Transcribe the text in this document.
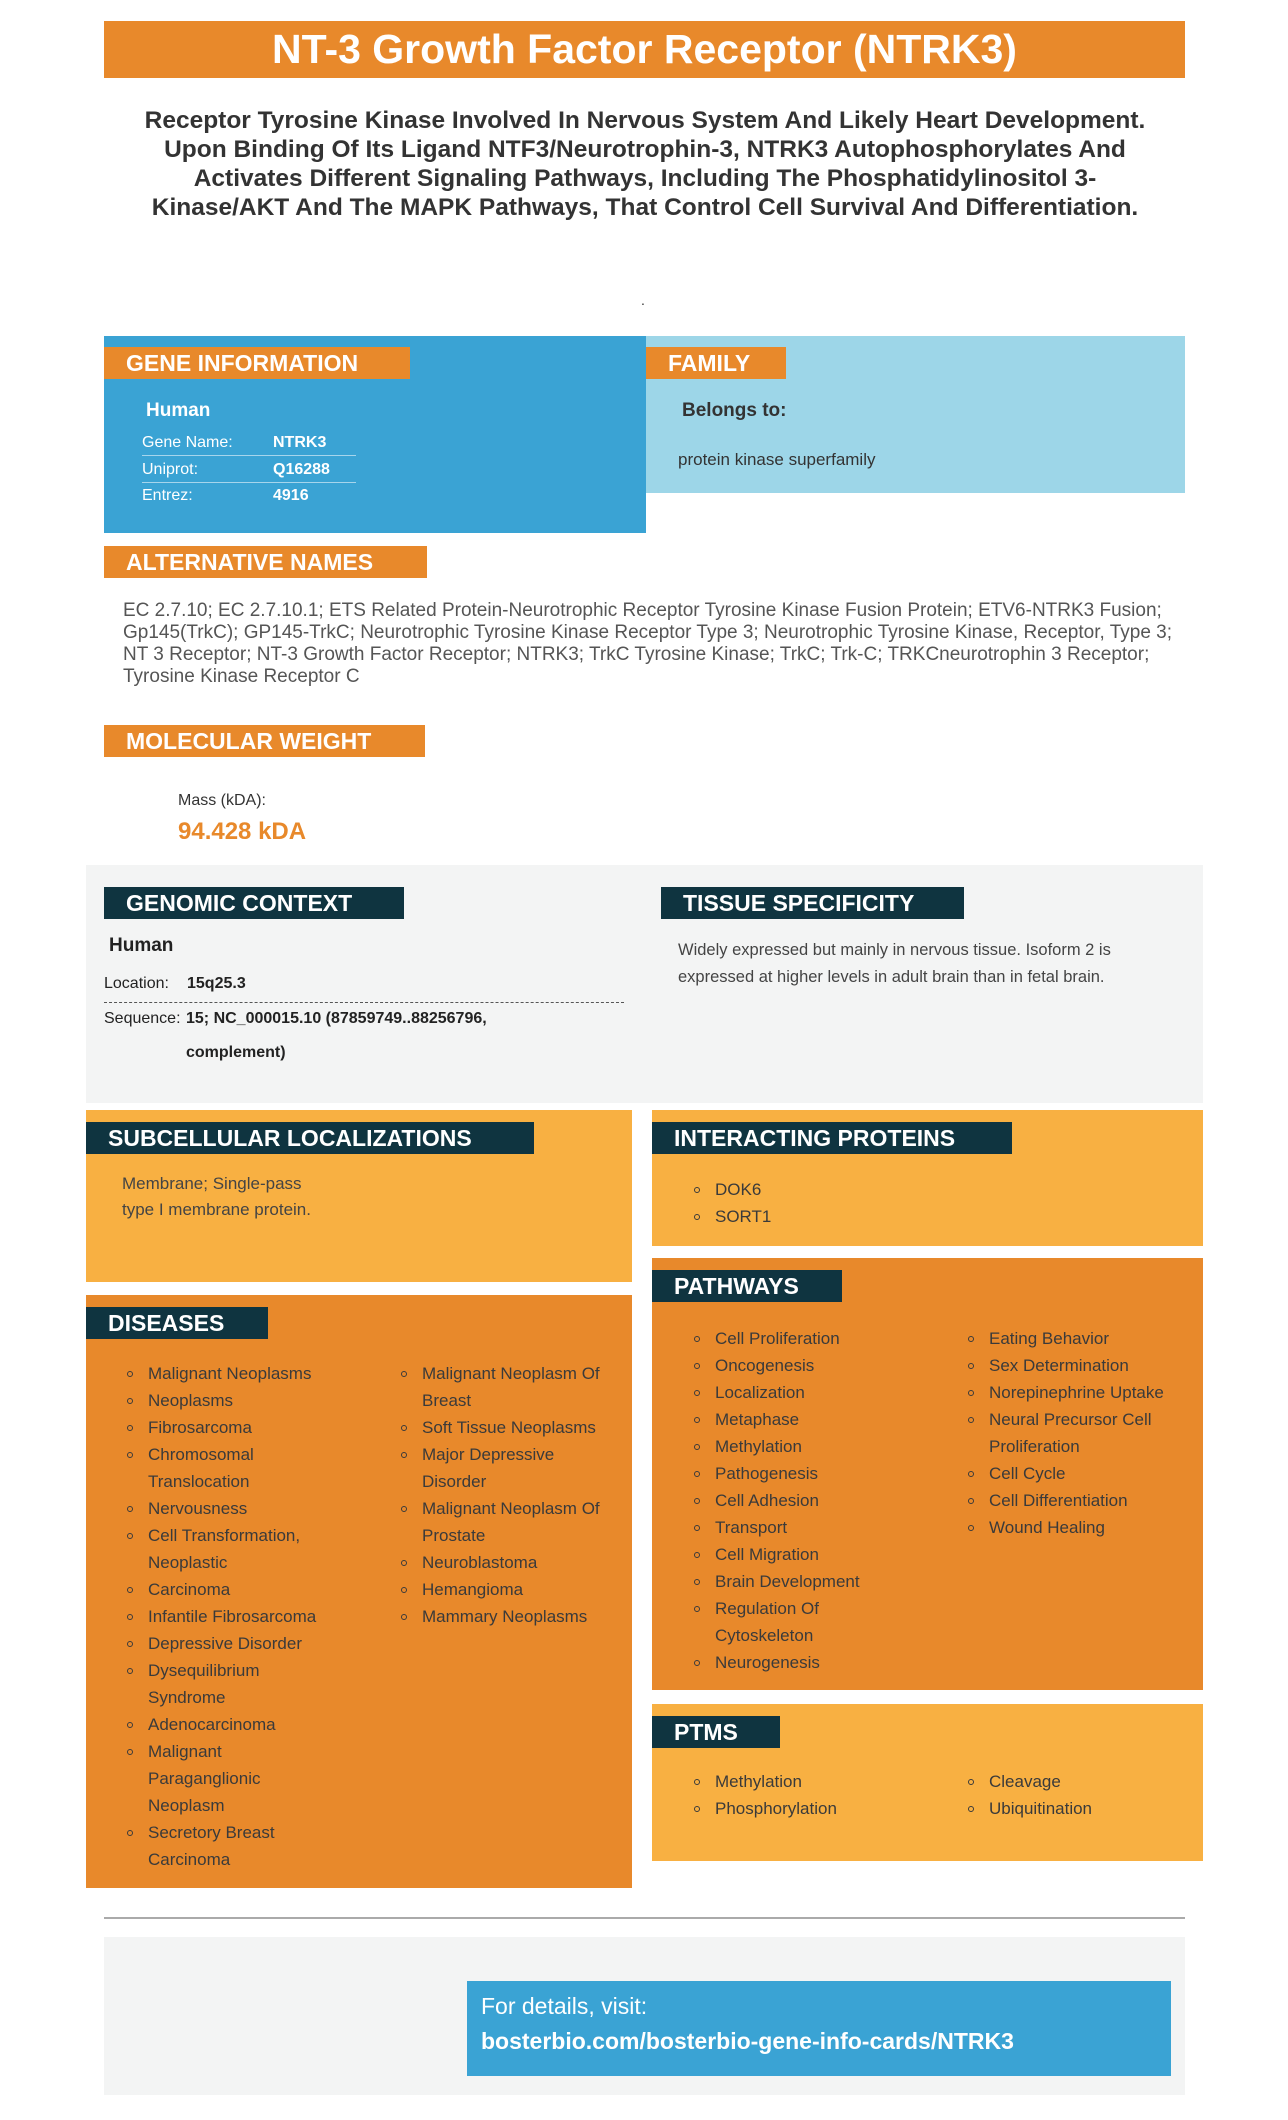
NT-3 Growth Factor Receptor (NTRK3)
Receptor Tyrosine Kinase Involved In Nervous System And Likely Heart Development. Upon Binding Of Its Ligand NTF3/Neurotrophin-3, NTRK3 Autophosphorylates And Activates Different Signaling Pathways, Including The Phosphatidylinositol 3-Kinase/AKT And The MAPK Pathways, That Control Cell Survival And Differentiation.
.
GENE INFORMATION
Human
Gene Name:	NTRK3
Uniprot:	Q16288
Entrez:	4916
FAMILY
Belongs to:
protein kinase superfamily
ALTERNATIVE NAMES
EC 2.7.10; EC 2.7.10.1; ETS Related Protein-Neurotrophic Receptor Tyrosine Kinase Fusion Protein; ETV6-NTRK3 Fusion; Gp145(TrkC); GP145-TrkC; Neurotrophic Tyrosine Kinase Receptor Type 3; Neurotrophic Tyrosine Kinase, Receptor, Type 3; NT 3 Receptor; NT-3 Growth Factor Receptor; NTRK3; TrkC Tyrosine Kinase; TrkC; Trk-C; TRKCneurotrophin 3 Receptor; Tyrosine Kinase Receptor C
MOLECULAR WEIGHT
Mass (kDA):
94.428 kDA
GENOMIC CONTEXT
Human
Location: 15q25.3
Sequence: 15; NC_000015.10 (87859749..88256796,
complement)
TISSUE SPECIFICITY
Widely expressed but mainly in nervous tissue. Isoform 2 is
expressed at higher levels in adult brain than in fetal brain.
SUBCELLULAR LOCALIZATIONS
Membrane; Single-pass
type I membrane protein.
INTERACTING PROTEINS
DOK6
SORT1
DISEASES
Malignant Neoplasms
Neoplasms
Fibrosarcoma
Chromosomal Translocation
Nervousness
Cell Transformation, Neoplastic
Carcinoma
Infantile Fibrosarcoma
Depressive Disorder
Dysequilibrium Syndrome
Adenocarcinoma
Malignant Paraganglionic Neoplasm
Secretory Breast Carcinoma
Malignant Neoplasm Of Breast
Soft Tissue Neoplasms
Major Depressive Disorder
Malignant Neoplasm Of Prostate
Neuroblastoma
Hemangioma
Mammary Neoplasms
PATHWAYS
Cell Proliferation
Oncogenesis
Localization
Metaphase
Methylation
Pathogenesis
Cell Adhesion
Transport
Cell Migration
Brain Development
Regulation Of Cytoskeleton
Neurogenesis
Eating Behavior
Sex Determination
Norepinephrine Uptake
Neural Precursor Cell Proliferation
Cell Cycle
Cell Differentiation
Wound Healing
PTMS
Methylation
Phosphorylation
Cleavage
Ubiquitination
For details, visit:
bosterbio.com/bosterbio-gene-info-cards/NTRK3
